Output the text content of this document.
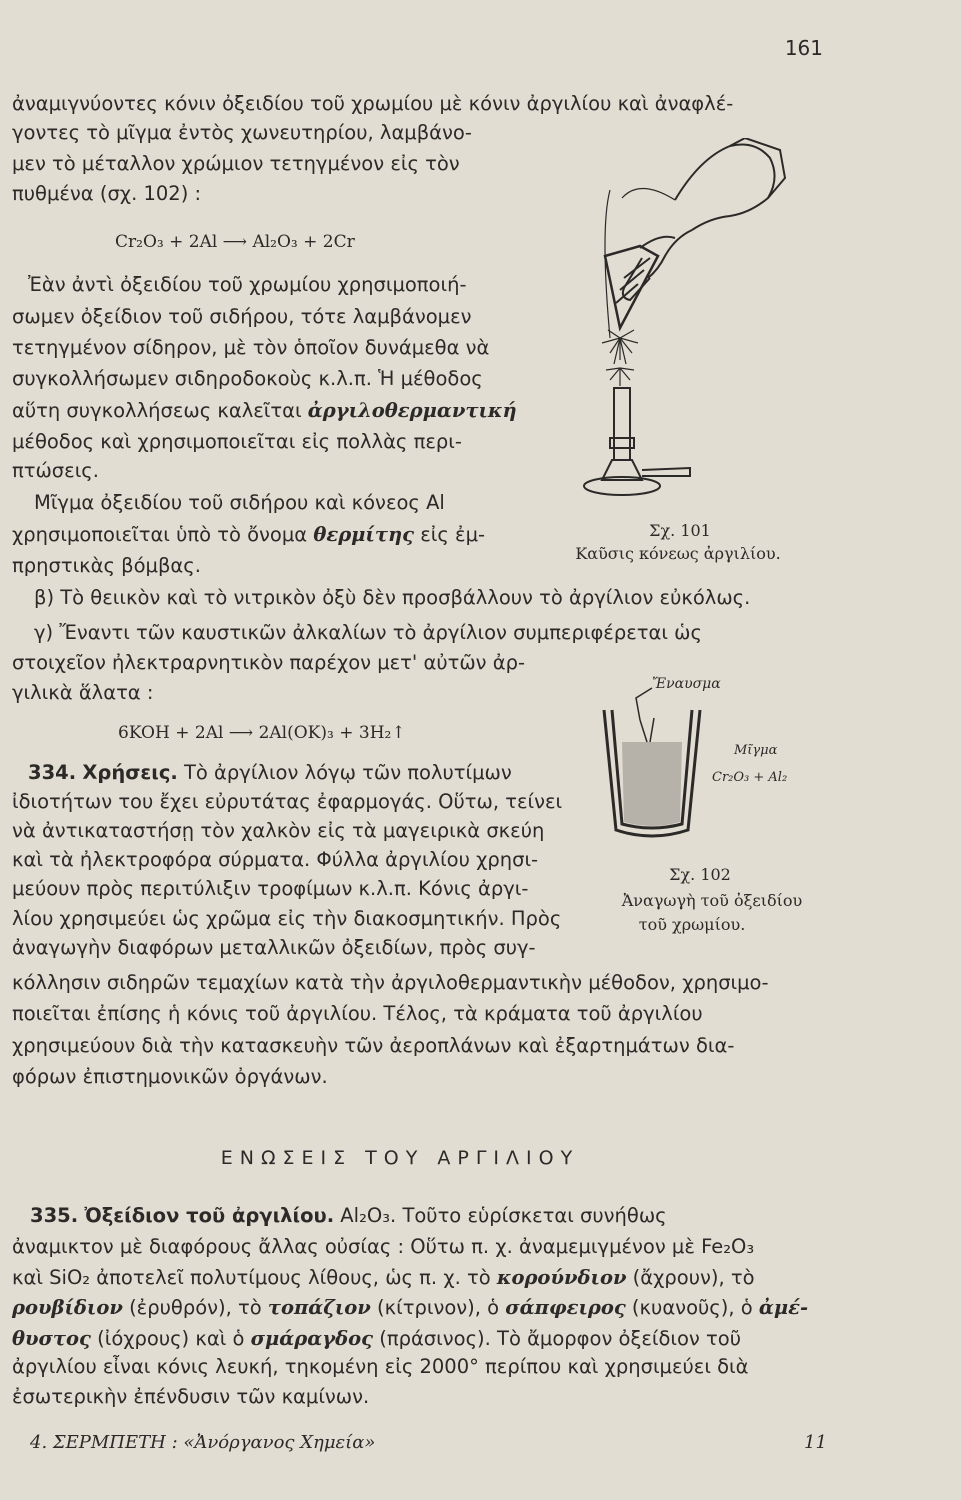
161
ἀναμιγνύοντες κόνιν ὀξειδίου τοῦ χρωμίου μὲ κόνιν ἀργιλίου καὶ ἀναφλέ-
γοντες τὸ μῖγμα ἐντὸς χωνευτηρίου, λαμβάνο-
μεν τὸ μέταλλον χρώμιον τετηγμένον εἰς τὸν
πυθμένα (σχ. 102) :
Cr₂O₃ + 2Al ⟶ Al₂O₃ + 2Cr
Ἐὰν ἀντὶ ὀξειδίου τοῦ χρωμίου χρησιμοποιή-
σωμεν ὀξείδιον τοῦ σιδήρου, τότε λαμβάνομεν
τετηγμένον σίδηρον, μὲ τὸν ὁποῖον δυνάμεθα νὰ
συγκολλήσωμεν σιδηροδοκοὺς κ.λ.π. Ἡ μέθοδος
αὕτη συγκολλήσεως καλεῖται ἀργιλοθερμαντική
μέθοδος καὶ χρησιμοποιεῖται εἰς πολλὰς περι-
πτώσεις.
Μῖγμα ὀξειδίου τοῦ σιδήρου καὶ κόνεος Al
χρησιμοποιεῖται ὑπὸ τὸ ὄνομα θερμίτης εἰς ἐμ-
πρηστικὰς βόμβας.
β) Τὸ θειικὸν καὶ τὸ νιτρικὸν ὀξὺ δὲν προσβάλλουν τὸ ἀργίλιον εὐκόλως.
γ) Ἔναντι τῶν καυστικῶν ἀλκαλίων τὸ ἀργίλιον συμπεριφέρεται ὡς
στοιχεῖον ἠλεκτραρνητικὸν παρέχον μετ' αὐτῶν ἀρ-
γιλικὰ ἅλατα :
6KOH + 2Al ⟶ 2Al(OK)₃ + 3H₂↑
334. Χρήσεις. Τὸ ἀργίλιον λόγῳ τῶν πολυτίμων
ἰδιοτήτων του ἔχει εὐρυτάτας ἐφαρμογάς. Οὕτω, τείνει
νὰ ἀντικαταστήσῃ τὸν χαλκὸν εἰς τὰ μαγειρικὰ σκεύη
καὶ τὰ ἠλεκτροφόρα σύρματα. Φύλλα ἀργιλίου χρησι-
μεύουν πρὸς περιτύλιξιν τροφίμων κ.λ.π. Κόνις ἀργι-
λίου χρησιμεύει ὡς χρῶμα εἰς τὴν διακοσμητικήν. Πρὸς
ἀναγωγὴν διαφόρων μεταλλικῶν ὀξειδίων, πρὸς συγ-
κόλλησιν σιδηρῶν τεμαχίων κατὰ τὴν ἀργιλοθερμαντικὴν μέθοδον, χρησιμο-
ποιεῖται ἐπίσης ἡ κόνις τοῦ ἀργιλίου. Τέλος, τὰ κράματα τοῦ ἀργιλίου
χρησιμεύουν διὰ τὴν κατασκευὴν τῶν ἀεροπλάνων καὶ ἐξαρτημάτων δια-
φόρων ἐπιστημονικῶν ὀργάνων.
ΕΝΩΣΕΙΣ ΤΟΥ ΑΡΓΙΛΙΟΥ
335. Ὀξείδιον τοῦ ἀργιλίου. Al₂O₃. Τοῦτο εὑρίσκεται συνήθως
ἀναμικτον μὲ διαφόρους ἄλλας οὐσίας : Οὕτω π. χ. ἀναμεμιγμένον μὲ Fe₂O₃
καὶ SiO₂ ἀποτελεῖ πολυτίμους λίθους, ὡς π. χ. τὸ κορούνδιον (ἄχρουν), τὸ
ρουβίδιον (ἐρυθρόν), τὸ τοπάζιον (κίτρινον), ὁ σάπφειρος (κυανοῦς), ὁ ἀμέ-
θυστος (ἰόχρους) καὶ ὁ σμάραγδος (πράσινος). Τὸ ἄμορφον ὀξείδιον τοῦ
ἀργιλίου εἶναι κόνις λευκή, τηκομένη εἰς 2000° περίπου καὶ χρησιμεύει διὰ
ἐσωτερικὴν ἐπένδυσιν τῶν καμίνων.
4. ΣΕΡΜΠΕΤΗ : «Ἀνόργανος Χημεία»	11
Σχ. 101
Καῦσις κόνεως ἀργιλίου.
Ἔναυσμα
Μῖγμα
Cr₂O₃ + Al₂
Σχ. 102
Ἀναγωγὴ τοῦ ὀξειδίου
τοῦ χρωμίου.
